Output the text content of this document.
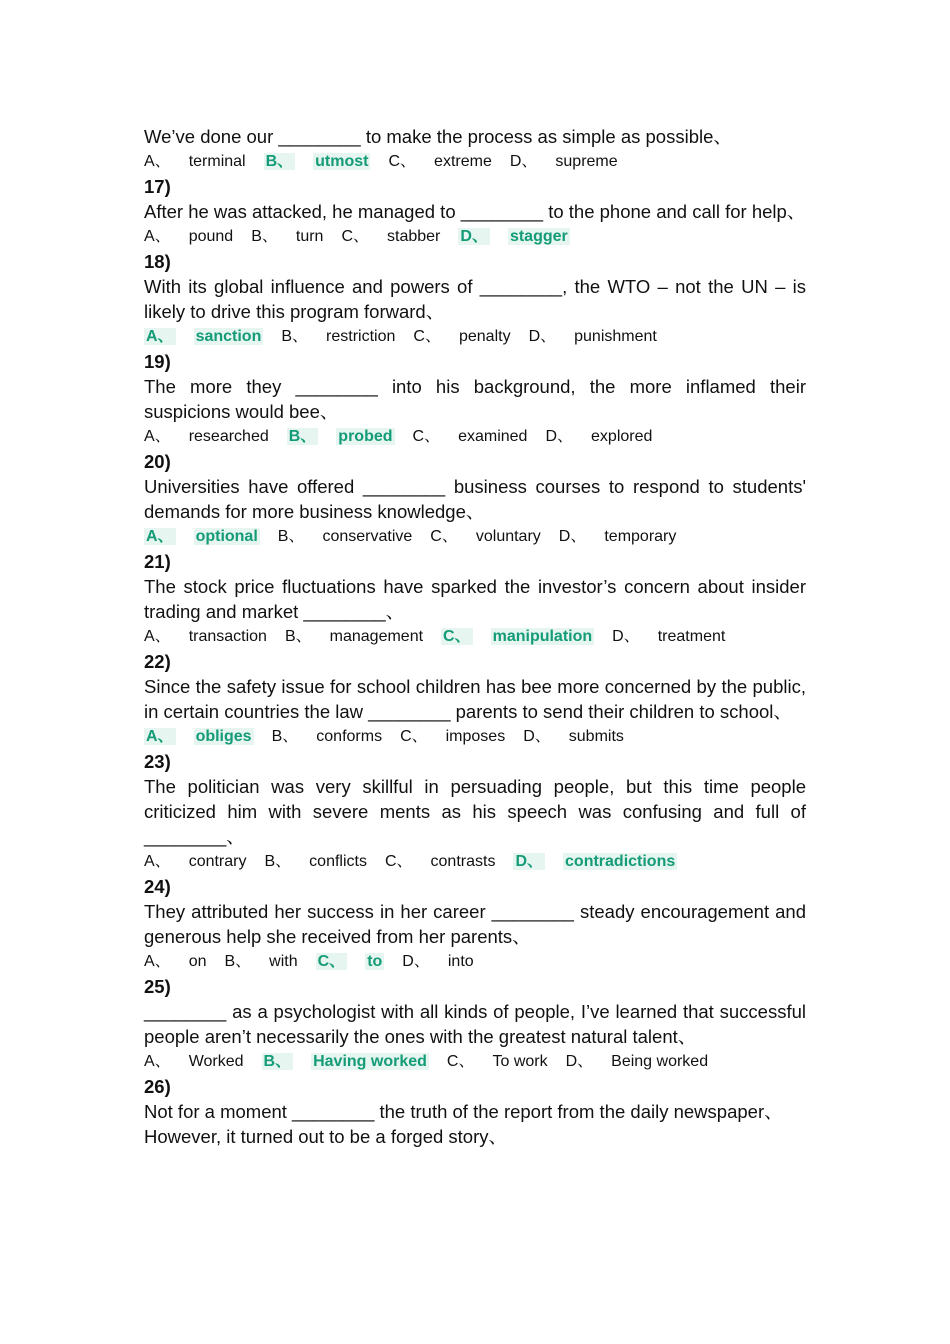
We’ve done our ________ to make the process as simple as possible、

A、 terminal B、 utmost C、 extreme D、 supreme
17)

After he was attacked, he managed to ________ to the phone and call for help、

A、 pound B、 turn C、 stabber D、 stagger
18)

With its global influence and powers of ________, the WTO – not the UN – is likely to drive this program forward、

A、 sanction B、 restriction C、 penalty D、 punishment
19)

The more they ________ into his background, the more inflamed their suspicions would bee、

A、 researched B、 probed C、 examined D、 explored
20)

Universities have offered ________ business courses to respond to students' demands for more business knowledge、

A、 optional B、 conservative C、 voluntary D、 temporary
21)

The stock price fluctuations have sparked the investor’s concern about insider trading and market ________、

A、 transaction B、 management C、 manipulation D、 treatment
22)

Since the safety issue for school children has bee more concerned by the public, in certain countries the law ________ parents to send their children to school、

A、 obliges B、 conforms C、 imposes D、 submits
23)

The politician was very skillful in persuading people, but this time people criticized him with severe ments as his speech was confusing and full of ________、

A、 contrary B、 conflicts C、 contrasts D、 contradictions
24)

They attributed her success in her career ________ steady encouragement and generous help she received from her parents、

A、 on B、 with C、 to D、 into
25)

________ as a psychologist with all kinds of people, I’ve learned that successful people aren’t necessarily the ones with the greatest natural talent、

A、 Worked B、 Having worked C、 To work D、 Being worked
26)

Not for a moment ________ the truth of the report from the daily newspaper、

However, it turned out to be a forged story、
